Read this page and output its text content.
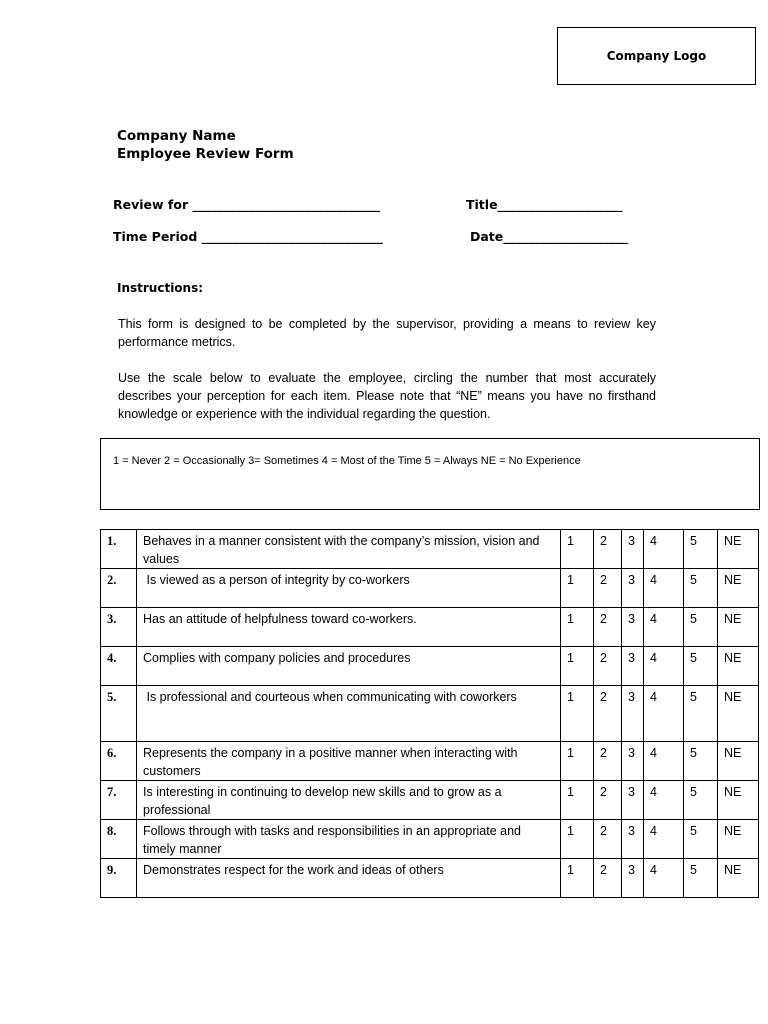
Company Logo
Company Name
Employee Review Form
Review for ______________________________	Title____________________
Time Period _____________________________	Date____________________
Instructions:
This form is designed to be completed by the supervisor, providing a means to review key performance metrics.
Use the scale below to evaluate the employee, circling the number that most accurately describes your perception for each item. Please note that “NE” means you have no firsthand knowledge or experience with the individual regarding the question.
1 = Never 2 = Occasionally 3= Sometimes 4 = Most of the Time 5 = Always NE = No Experience
1.	Behaves in a manner consistent with the company’s mission, vision and values	1	2	3	4	5	NE
2.	Is viewed as a person of integrity by co-workers	1	2	3	4	5	NE
3.	Has an attitude of helpfulness toward co-workers.	1	2	3	4	5	NE
4.	Complies with company policies and procedures	1	2	3	4	5	NE
5.	Is professional and courteous when communicating with coworkers	1	2	3	4	5	NE
6.	Represents the company in a positive manner when interacting with customers	1	2	3	4	5	NE
7.	Is interesting in continuing to develop new skills and to grow as a professional	1	2	3	4	5	NE
8.	Follows through with tasks and responsibilities in an appropriate and timely manner	1	2	3	4	5	NE
9.	Demonstrates respect for the work and ideas of others	1	2	3	4	5	NE
